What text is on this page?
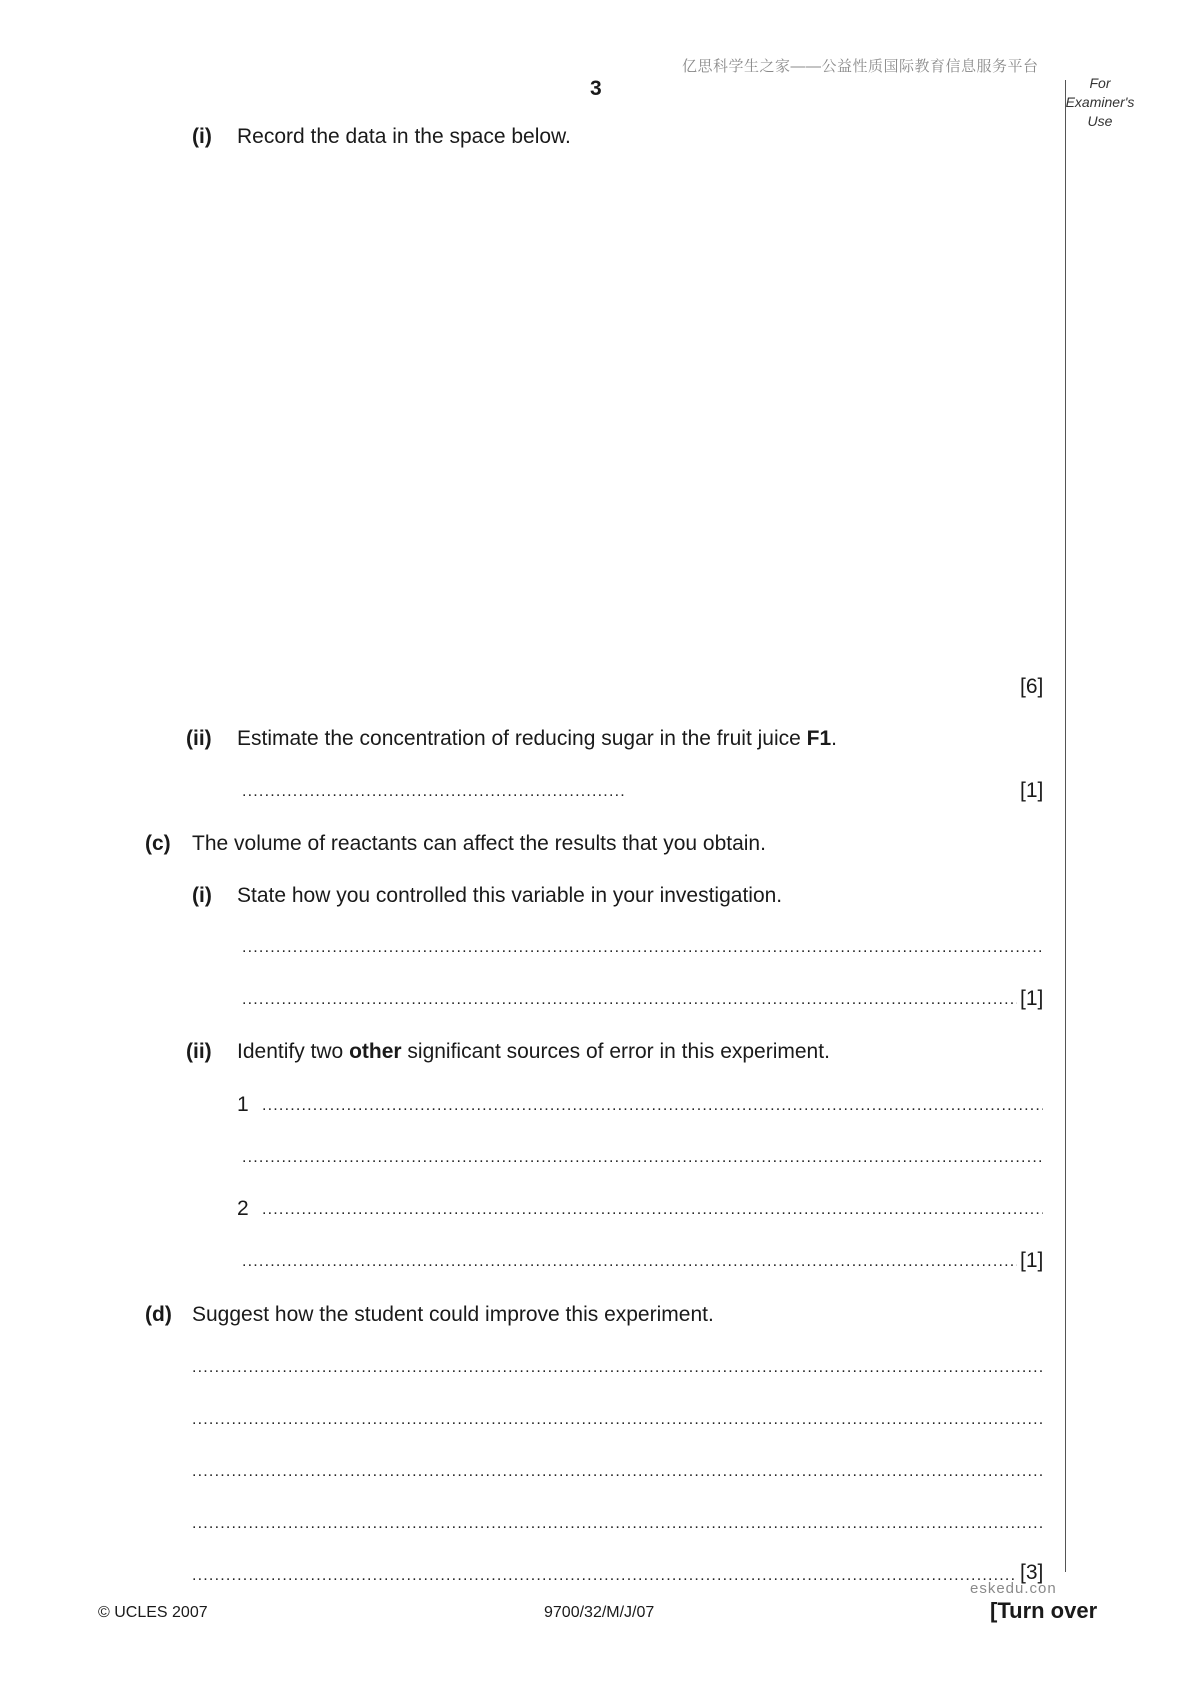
亿思科学生之家——公益性质国际教育信息服务平台
3	For
Examiner's
Use
(i) Record the data in the space below.
[6]
(ii) Estimate the concentration of reducing sugar in the fruit juice F1.
.....
[1]
(c) The volume of reactants can affect the results that you obtain.
(i) State how you controlled this variable in your investigation.
.....
.....
[1]
(ii) Identify two other significant sources of error in this experiment.
1
.....
.....
2
.....
.....
[1]
(d) Suggest how the student could improve this experiment.
.....
.....
.....
.....
.....
[3]
eskedu.con
© UCLES 2007	9700/32/M/J/07	[Turn over
